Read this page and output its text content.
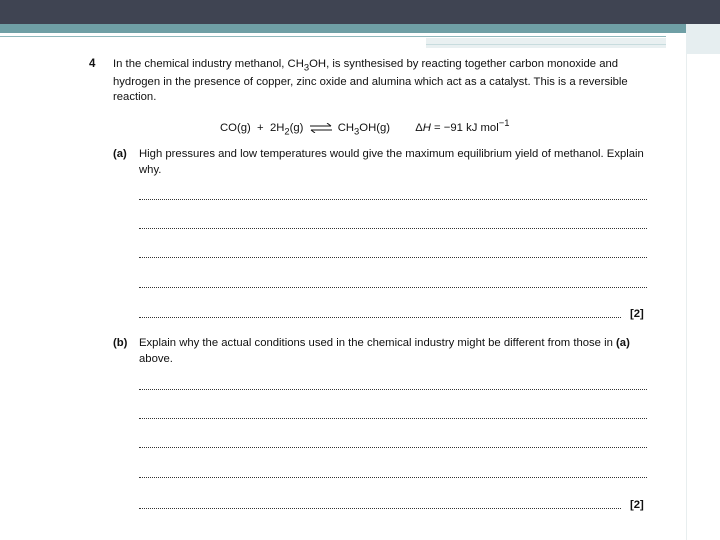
4 In the chemical industry methanol, $CH_3OH$, is synthesised by reacting together carbon monoxide and hydrogen in the presence of copper, zinc oxide and alumina which act as a catalyst. This is a reversible reaction.
$CO(g) + 2H_2(g)$ ⇌ $CH_3OH(g) \Delta H = -91$ kJ mol$^{-1}$
(a) High pressures and low temperatures would give the maximum equilibrium yield of methanol. Explain why.
[2]
(b) Explain why the actual conditions used in the chemical industry might be different from those in (a) above.
[2]
